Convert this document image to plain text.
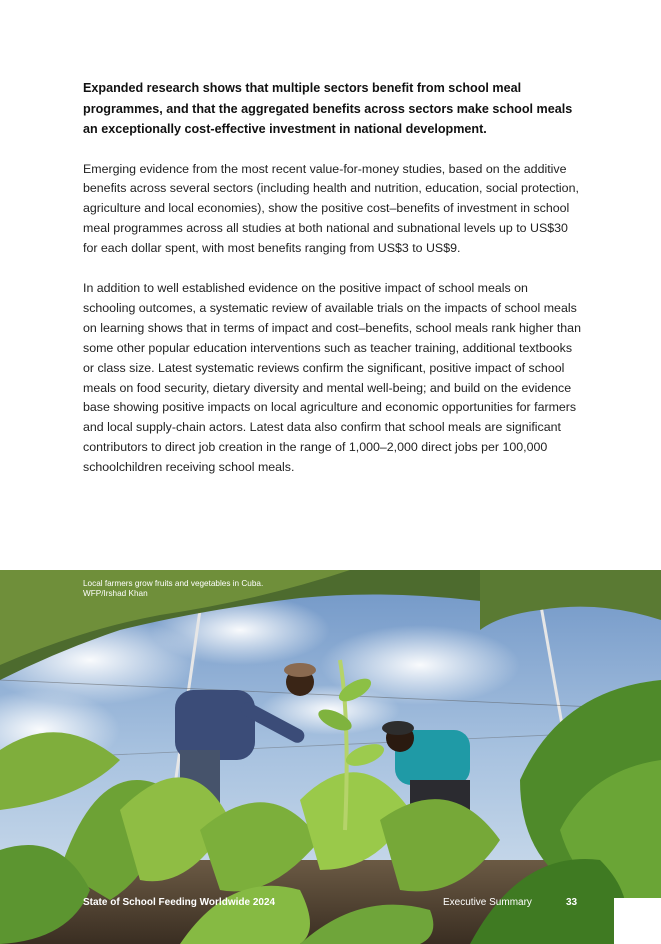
Expanded research shows that multiple sectors benefit from school meal programmes, and that the aggregated benefits across sectors make school meals an exceptionally cost-effective investment in national development.

Emerging evidence from the most recent value-for-money studies, based on the additive benefits across several sectors (including health and nutrition, education, social protection, agriculture and local economies), show the positive cost–benefits of investment in school meal programmes across all studies at both national and subnational levels up to US$30 for each dollar spent, with most benefits ranging from US$3 to US$9.

In addition to well established evidence on the positive impact of school meals on schooling outcomes, a systematic review of available trials on the impacts of school meals on learning shows that in terms of impact and cost–benefits, school meals rank higher than some other popular education interventions such as teacher training, additional textbooks or class size. Latest systematic reviews confirm the significant, positive impact of school meals on food security, dietary diversity and mental well-being; and build on the evidence base showing positive impacts on local agriculture and economic opportunities for farmers and local supply-chain actors. Latest data also confirm that school meals are significant contributors to direct job creation in the range of 1,000–2,000 direct jobs per 100,000 schoolchildren receiving school meals.

Local farmers grow fruits and vegetables in Cuba.
WFP/Irshad Khan
State of School Feeding Worldwide 2024	Executive Summary	33
